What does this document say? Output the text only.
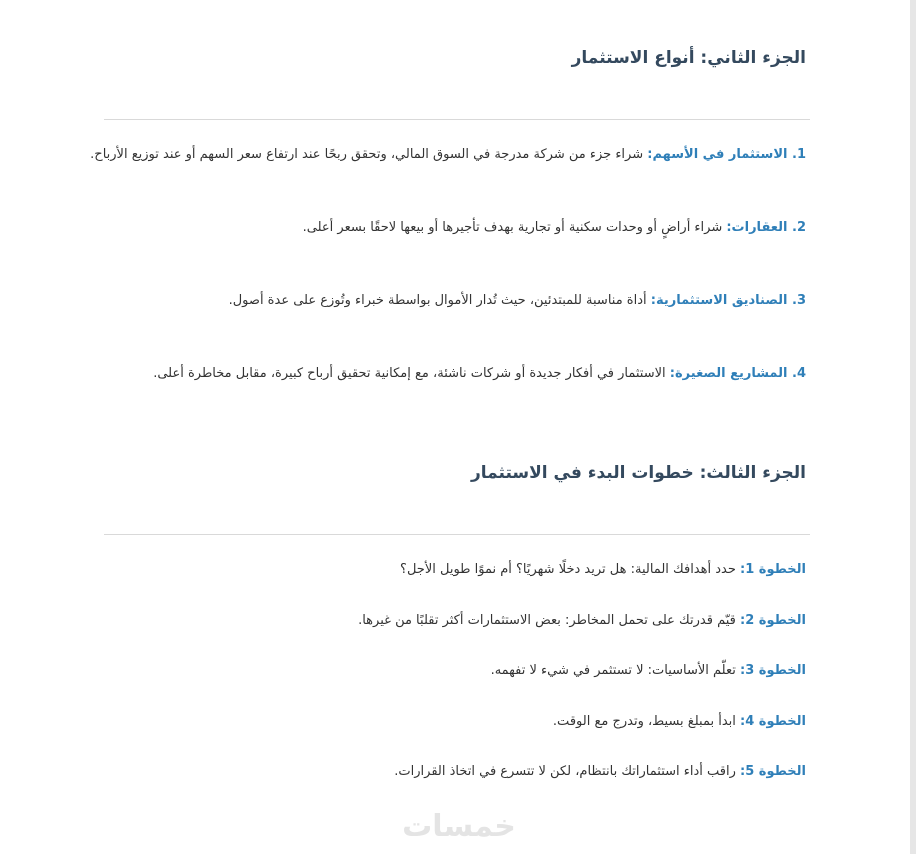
الجزء الثاني: أنواع الاستثمار

1. الاستثمار في الأسهم: شراء جزء من شركة مدرجة في السوق المالي، وتحقق ربحًا عند ارتفاع سعر السهم أو عند توزيع الأرباح.

2. العقارات: شراء أراضٍ أو وحدات سكنية أو تجارية بهدف تأجيرها أو بيعها لاحقًا بسعر أعلى.

3. الصناديق الاستثمارية: أداة مناسبة للمبتدئين، حيث تُدار الأموال بواسطة خبراء وتُوزع على عدة أصول.

4. المشاريع الصغيرة: الاستثمار في أفكار جديدة أو شركات ناشئة، مع إمكانية تحقيق أرباح كبيرة، مقابل مخاطرة أعلى.

الجزء الثالث: خطوات البدء في الاستثمار

الخطوة 1: حدد أهدافك المالية: هل تريد دخلًا شهريًا؟ أم نموًا طويل الأجل؟

الخطوة 2: قيّم قدرتك على تحمل المخاطر: بعض الاستثمارات أكثر تقلبًا من غيرها.

الخطوة 3: تعلّم الأساسيات: لا تستثمر في شيء لا تفهمه.

الخطوة 4: ابدأ بمبلغ بسيط، وتدرج مع الوقت.

الخطوة 5: راقب أداء استثماراتك بانتظام، لكن لا تتسرع في اتخاذ القرارات.

خمسات
